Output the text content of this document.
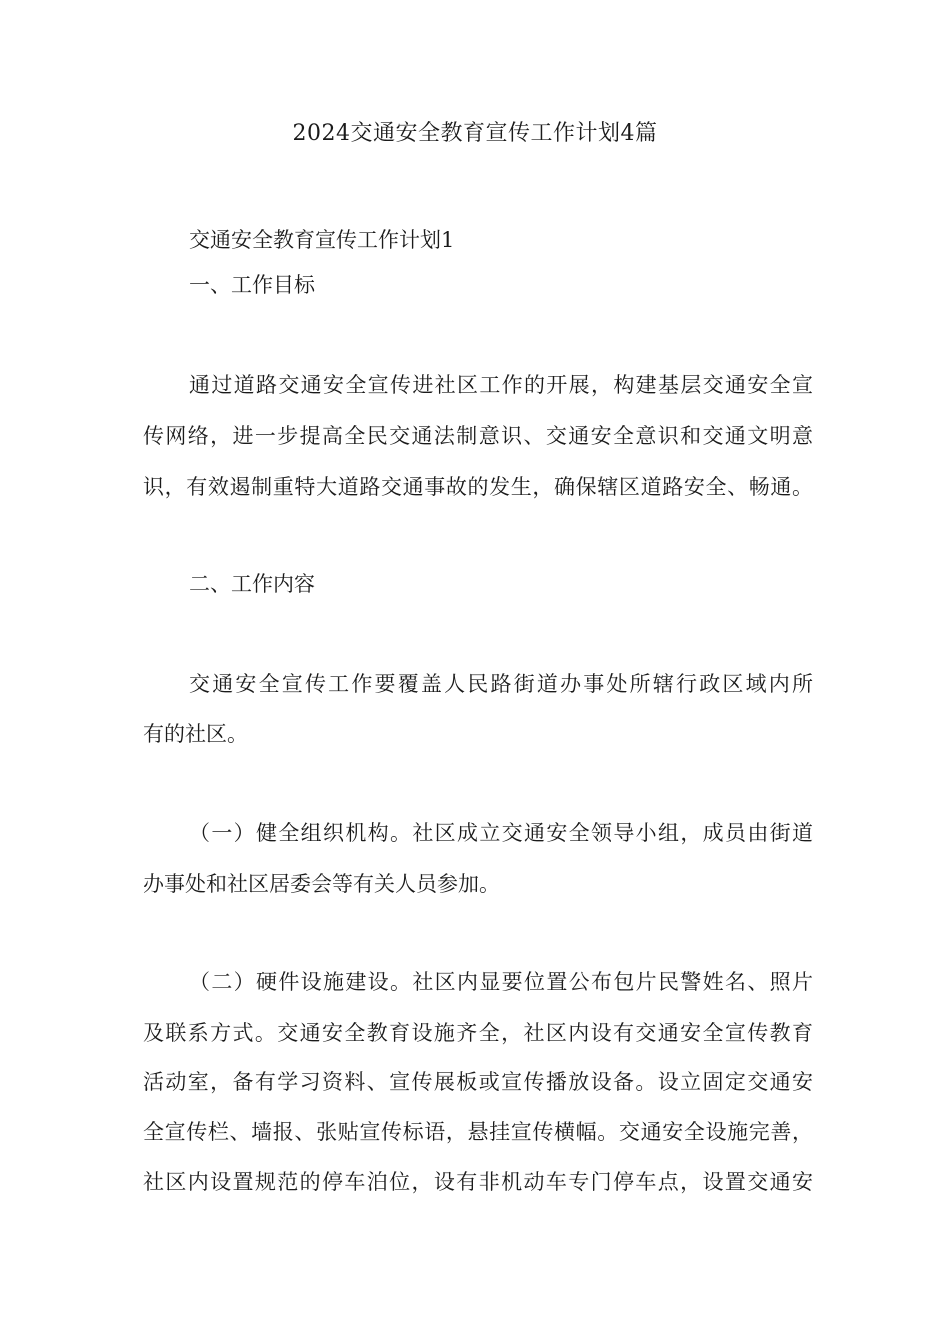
2024交通安全教育宣传工作计划4篇

交通安全教育宣传工作计划1

一、工作目标

通过道路交通安全宣传进社区工作的开展，构建基层交通安全宣

传网络，进一步提高全民交通法制意识、交通安全意识和交通文明意

识，有效遏制重特大道路交通事故的发生，确保辖区道路安全、畅通。

二、工作内容

交通安全宣传工作要覆盖人民路街道办事处所辖行政区域内所

有的社区。

（一）健全组织机构。社区成立交通安全领导小组，成员由街道

办事处和社区居委会等有关人员参加。

（二）硬件设施建设。社区内显要位置公布包片民警姓名、照片

及联系方式。交通安全教育设施齐全，社区内设有交通安全宣传教育

活动室，备有学习资料、宣传展板或宣传播放设备。设立固定交通安

全宣传栏、墙报、张贴宣传标语，悬挂宣传横幅。交通安全设施完善，

社区内设置规范的停车泊位，设有非机动车专门停车点，设置交通安
